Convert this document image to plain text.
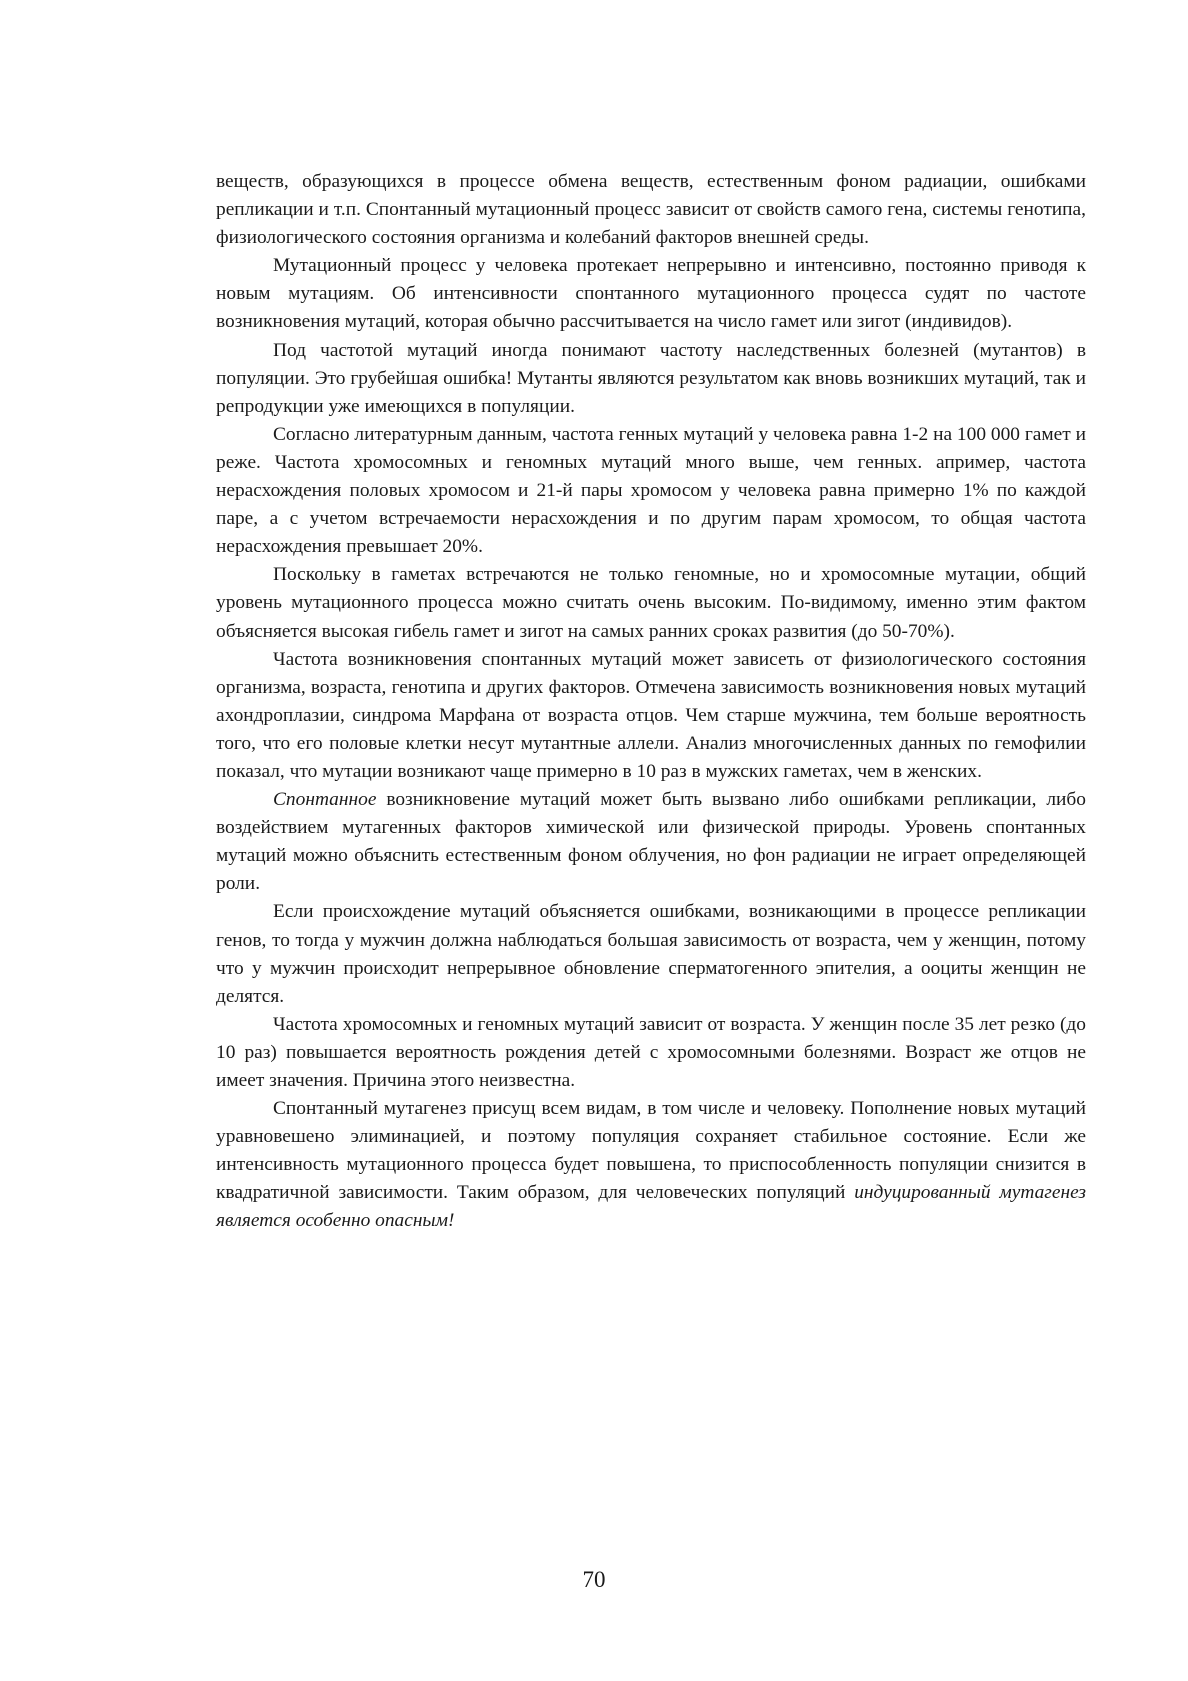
веществ, образующихся в процессе обмена веществ, естественным фоном радиации, ошибками репликации и т.п. Спонтанный мутационный процесс зависит от свойств самого гена, системы генотипа, физиологического состояния организма и колебаний факторов внешней среды.

Мутационный процесс у человека протекает непрерывно и интенсивно, постоянно приводя к новым мутациям. Об интенсивности спонтанного мутационного процесса судят по частоте возникновения мутаций, которая обычно рассчитывается на число гамет или зигот (индивидов).

Под частотой мутаций иногда понимают частоту наследственных болезней (мутантов) в популяции. Это грубейшая ошибка! Мутанты являются результатом как вновь возникших мутаций, так и репродукции уже имеющихся в популяции.

Согласно литературным данным, частота генных мутаций у человека равна 1-2 на 100 000 гамет и реже. Частота хромосомных и геномных мутаций много выше, чем генных. апример, частота нерасхождения половых хромосом и 21-й пары хромосом у человека равна примерно 1% по каждой паре, а с учетом встречаемости нерасхождения и по другим парам хромосом, то общая частота нерасхождения превышает 20%.

Поскольку в гаметах встречаются не только геномные, но и хромосомные мутации, общий уровень мутационного процесса можно считать очень высоким. По-видимому, именно этим фактом объясняется высокая гибель гамет и зигот на самых ранних сроках развития (до 50-70%).

Частота возникновения спонтанных мутаций может зависеть от физиологического состояния организма, возраста, генотипа и других факторов. Отмечена зависимость возникновения новых мутаций ахондроплазии, синдрома Марфана от возраста отцов. Чем старше мужчина, тем больше вероятность того, что его половые клетки несут мутантные аллели. Анализ многочисленных данных по гемофилии показал, что мутации возникают чаще примерно в 10 раз в мужских гаметах, чем в женских.

Спонтанное возникновение мутаций может быть вызвано либо ошибками репликации, либо воздействием мутагенных факторов химической или физической природы. Уровень спонтанных мутаций можно объяснить естественным фоном облучения, но фон радиации не играет определяющей роли.

Если происхождение мутаций объясняется ошибками, возникающими в процессе репликации генов, то тогда у мужчин должна наблюдаться большая зависимость от возраста, чем у женщин, потому что у мужчин происходит непрерывное обновление сперматогенного эпителия, а ооциты женщин не делятся.

Частота хромосомных и геномных мутаций зависит от возраста. У женщин после 35 лет резко (до 10 раз) повышается вероятность рождения детей с хромосомными болезнями. Возраст же отцов не имеет значения. Причина этого неизвестна.

Спонтанный мутагенез присущ всем видам, в том числе и человеку. Пополнение новых мутаций уравновешено элиминацией, и поэтому популяция сохраняет стабильное состояние. Если же интенсивность мутационного процесса будет повышена, то приспособленность популяции снизится в квадратичной зависимости. Таким образом, для человеческих популяций индуцированный мутагенез является особенно опасным!

70
